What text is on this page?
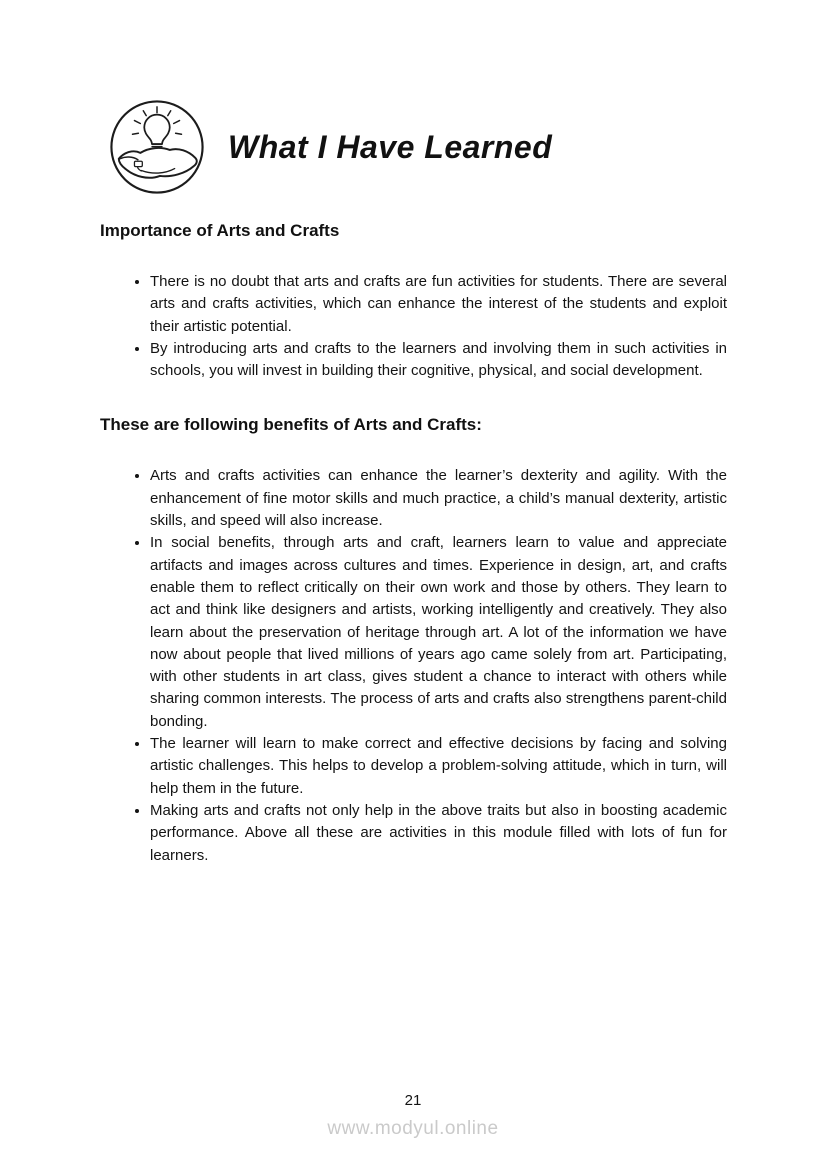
What I Have Learned
Importance of Arts and Crafts
• There is no doubt that arts and crafts are fun activities for students. There are several arts and crafts activities, which can enhance the interest of the students and exploit their artistic potential.
• By introducing arts and crafts to the learners and involving them in such activities in schools, you will invest in building their cognitive, physical, and social development.
These are following benefits of Arts and Crafts:
• Arts and crafts activities can enhance the learner’s dexterity and agility. With the enhancement of fine motor skills and much practice, a child’s manual dexterity, artistic skills, and speed will also increase.
• In social benefits, through arts and craft, learners learn to value and appreciate artifacts and images across cultures and times. Experience in design, art, and crafts enable them to reflect critically on their own work and those by others. They learn to act and think like designers and artists, working intelligently and creatively. They also learn about the preservation of heritage through art. A lot of the information we have now about people that lived millions of years ago came solely from art. Participating, with other students in art class, gives student a chance to interact with others while sharing common interests. The process of arts and crafts also strengthens parent-child bonding.
• The learner will learn to make correct and effective decisions by facing and solving artistic challenges. This helps to develop a problem-solving attitude, which in turn, will help them in the future.
• Making arts and crafts not only help in the above traits but also in boosting academic performance. Above all these are activities in this module filled with lots of fun for learners.
21
www.modyul.online
